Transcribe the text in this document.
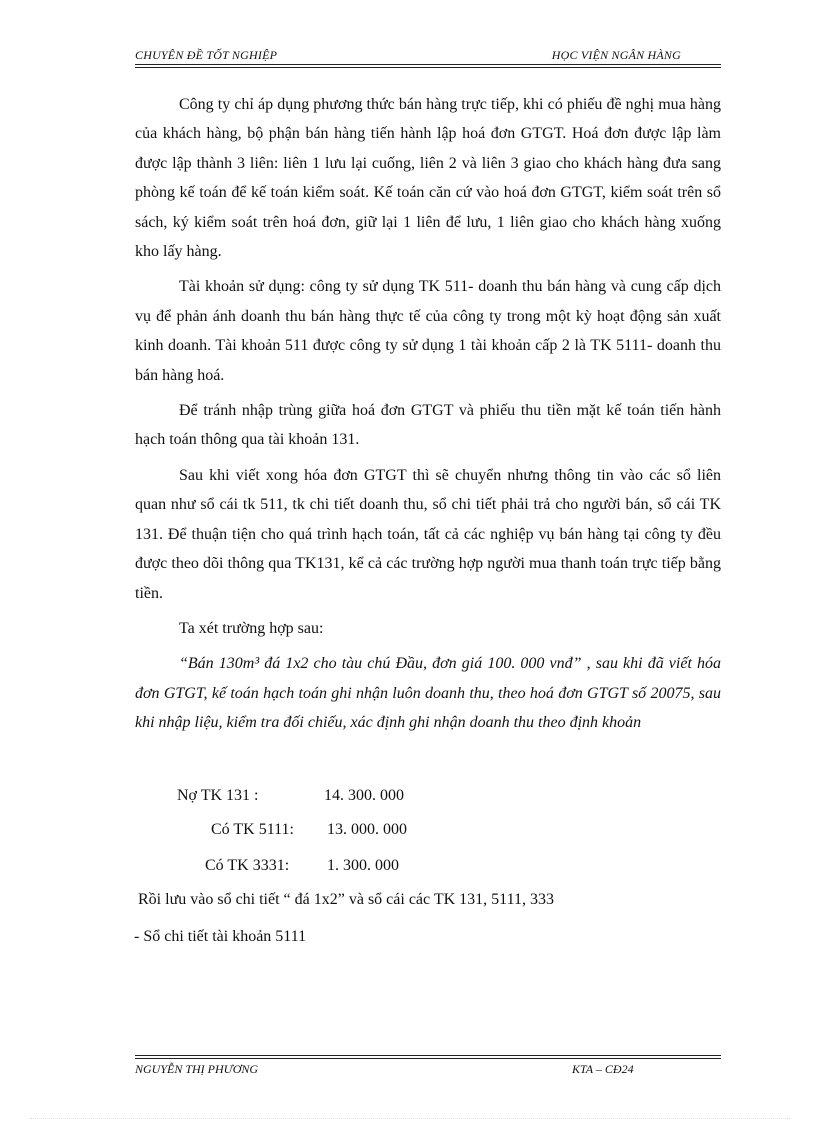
CHUYÊN ĐỀ TỐT NGHIỆP	HỌC VIỆN NGÂN HÀNG

Công ty chỉ áp dụng phương thức bán hàng trực tiếp, khi có phiếu đề nghị mua hàng của khách hàng, bộ phận bán hàng tiến hành lập hoá đơn GTGT. Hoá đơn được lập làm được lập thành 3 liên: liên 1 lưu lại cuống, liên 2 và liên 3 giao cho khách hàng đưa sang phòng kế toán để kế toán kiểm soát. Kế toán căn cứ vào hoá đơn GTGT, kiểm soát trên sổ sách, ký kiểm soát trên hoá đơn, giữ lại 1 liên để lưu, 1 liên giao cho khách hàng xuống kho lấy hàng.

Tài khoản sử dụng: công ty sử dụng TK 511- doanh thu bán hàng và cung cấp dịch vụ để phản ánh doanh thu bán hàng thực tế của công ty trong một kỳ hoạt động sản xuất kinh doanh. Tài khoản 511 được công ty sử dụng 1 tài khoản cấp 2 là TK 5111- doanh thu bán hàng hoá.

Để tránh nhập trùng giữa hoá đơn GTGT và phiếu thu tiền mặt kế toán tiến hành hạch toán thông qua tài khoản 131.

Sau khi viết xong hóa đơn GTGT thì sẽ chuyển nhưng thông tin vào các sổ liên quan như sổ cái tk 511, tk chi tiết doanh thu, sổ chi tiết phải trả cho người bán, sổ cái TK 131. Để thuận tiện cho quá trình hạch toán, tất cả các nghiệp vụ bán hàng tại công ty đều được theo dõi thông qua TK131, kể cả các trường hợp người mua thanh toán trực tiếp bằng tiền.

Ta xét trường hợp sau:

“Bán 130m³ đá 1x2 cho tàu chú Đầu, đơn giá 100. 000 vnđ” , sau khi đã viết hóa đơn GTGT, kế toán hạch toán ghi nhận luôn doanh thu, theo hoá đơn GTGT số 20075, sau khi nhập liệu, kiểm tra đối chiếu, xác định ghi nhận doanh thu theo định khoản

Nợ TK 131 :	14. 300. 000
Có TK 5111: 13. 000. 000
Có TK 3331: 1. 300. 000
Rồi lưu vào sổ chi tiết “ đá 1x2” và sổ cái các TK 131, 5111, 333
- Sổ chi tiết tài khoản 5111
NGUYỄN THỊ PHƯƠNG	KTA – CĐ24
